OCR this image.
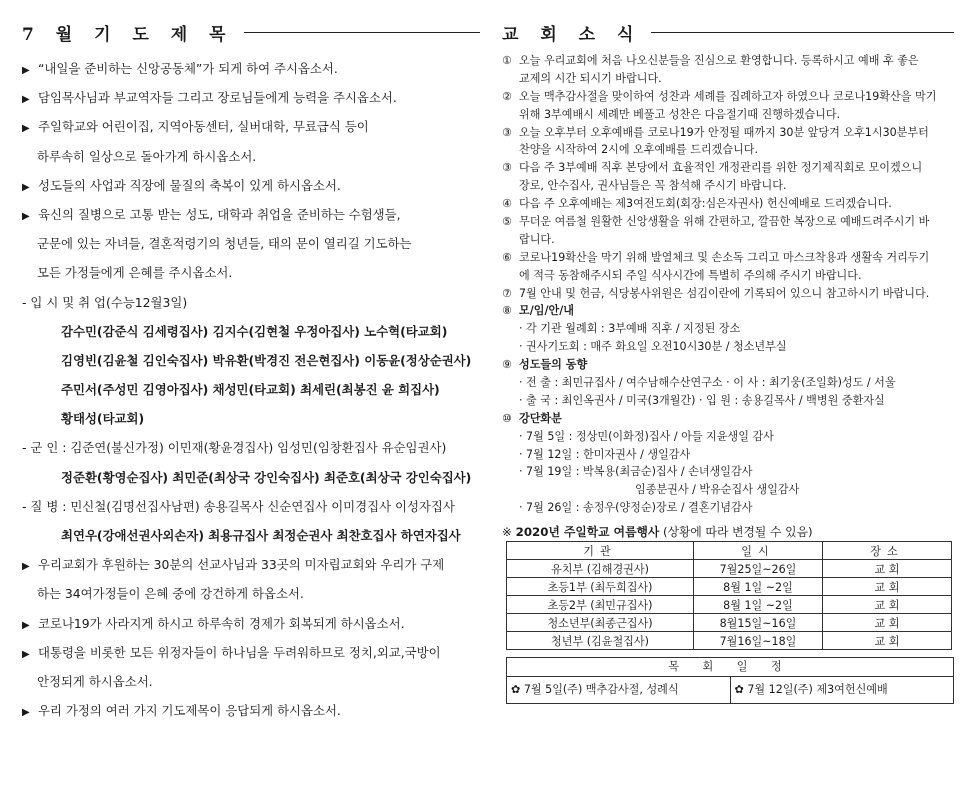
7 월 기 도 제 목
▶ “내일을 준비하는 신앙공동체”가 되게 하여 주시옵소서.
▶ 담임목사님과 부교역자들 그리고 장로님들에게 능력을 주시옵소서.
▶ 주일학교와 어린이집, 지역아동센터, 실버대학, 무료급식 등이
하루속히 일상으로 돌아가게 하시옵소서.
▶ 성도들의 사업과 직장에 물질의 축복이 있게 하시옵소서.
▶ 육신의 질병으로 고통 받는 성도, 대학과 취업을 준비하는 수험생들,
군문에 있는 자녀들, 결혼적령기의 청년들, 태의 문이 열리길 기도하는
모든 가정들에게 은혜를 주시옵소서.
- 입 시 및 취 업(수능12월3일)
감수민(감준식 김세령집사) 김지수(김현철 우정아집사) 노수혁(타교회)
김영빈(김윤철 김인숙집사) 박유환(박경진 전은현집사) 이동윤(정상순권사)
주민서(주성민 김영아집사) 채성민(타교회) 최세린(최봉진 윤 희집사)
황태성(타교회)
- 군 인 : 김준연(불신가정) 이민재(황윤경집사) 임성민(임창환집사 유순임권사)
정준환(황영순집사) 최민준(최상국 강인숙집사) 최준호(최상국 강인숙집사)
- 질 병 : 민신철(김명선집사남편) 송용길목사 신순연집사 이미경집사 이성자집사
최연우(강애선권사외손자) 최용규집사 최정순권사 최찬호집사 하연자집사
▶ 우리교회가 후원하는 30분의 선교사님과 33곳의 미자립교회와 우리가 구제
하는 34여가정들이 은혜 중에 강건하게 하옵소서.
▶ 코로나19가 사라지게 하시고 하루속히 경제가 회복되게 하시옵소서.
▶ 대통령을 비롯한 모든 위정자들이 하나님을 두려워하므로 정치,외교,국방이
안정되게 하시옵소서.
▶ 우리 가정의 여러 가지 기도제목이 응답되게 하시옵소서.
교 회 소 식
① 오늘 우리교회에 처음 나오신분들을 진심으로 환영합니다. 등록하시고 예배 후 좋은
교제의 시간 되시기 바랍니다.
② 오늘 맥추감사절을 맞이하여 성찬과 세례를 집례하고자 하였으나 코로나19확산을 막기
위해 3부예배시 세례만 베풀고 성찬은 다음절기때 진행하겠습니다.
③ 오늘 오후부터 오후예배를 코로나19가 안정될 때까지 30분 앞당겨 오후1시30분부터
찬양을 시작하여 2시에 오후예배를 드리겠습니다.
③ 다음 주 3부예배 직후 본당에서 효율적인 개정관리를 위한 정기제직회로 모이겠으니
장로, 안수집사, 권사님들은 꼭 참석해 주시기 바랍니다.
④ 다음 주 오후예배는 제3여전도회(회장:심은자권사) 헌신예배로 드리겠습니다.
⑤ 무더운 여름철 원활한 신앙생활을 위해 간편하고, 깔끔한 복장으로 예배드려주시기 바
랍니다.
⑥ 코로나19확산을 막기 위해 발열체크 및 손소독 그리고 마스크착용과 생활속 거리두기
에 적극 동참해주시되 주일 식사시간에 특별히 주의해 주시기 바랍니다.
⑦ 7월 안내 및 헌금, 식당봉사위원은 섬김이란에 기록되어 있으니 참고하시기 바랍니다.
⑧ 모/임/안/내
· 각 기관 월례회 : 3부예배 직후 / 지정된 장소
· 권사기도회 : 매주 화요일 오전10시30분 / 청소년부실
⑨ 성도들의 동향
· 전 출 : 최민규집사 / 여수남해수산연구소 · 이 사 : 최기웅(조일화)성도 / 서울
· 출 국 : 최인옥권사 / 미국(3개월간) · 입 원 : 송용길목사 / 백병원 중환자실
⑩ 강단화분
· 7월 5일 : 정상민(이화정)집사 / 아들 지윤생일 감사
· 7월 12일 : 한미자권사 / 생일감사
· 7월 19일 : 박복용(최금순)집사 / 손녀생일감사
임종분권사 / 박유순집사 생일감사
· 7월 26일 : 송정우(양정순)장로 / 결혼기념감사
※ 2020년 주일학교 여름행사 (상황에 따라 변경될 수 있음)
기관	일시	장소
유치부 (김해경권사)	7월25일~26일	교 회
초등1부 (최두희집사)	8월 1일 ~2일	교 회
초등2부 (최민규집사)	8월 1일 ~2일	교 회
청소년부(최종근집사)	8월15일~16일	교 회
청년부 (김윤철집사)	7월16일~18일	교 회
목 회 일 정
✿ 7월 5일(주) 맥추감사절, 성례식	✿ 7월 12일(주) 제3여헌신예배
